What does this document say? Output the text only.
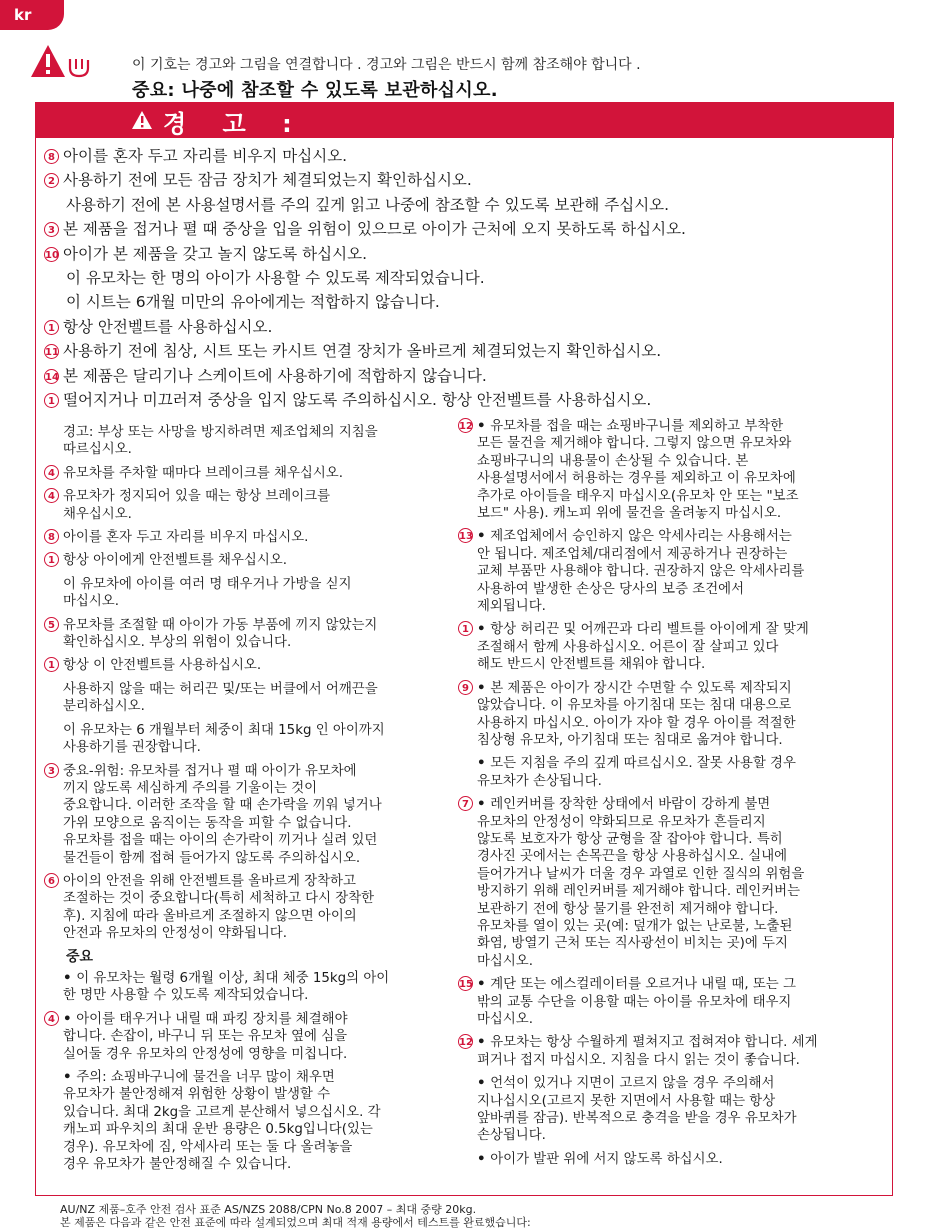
kr
이 기호는 경고와 그림을 연결합니다 . 경고와 그림은 반드시 함께 참조해야 합니다 .
중요: 나중에 참조할 수 있도록 보관하십시오.
경 고 :
8 아이를 혼자 두고 자리를 비우지 마십시오.
2 사용하기 전에 모든 잠금 장치가 체결되었는지 확인하십시오.
사용하기 전에 본 사용설명서를 주의 깊게 읽고 나중에 참조할 수 있도록 보관해 주십시오.
3 본 제품을 접거나 펼 때 중상을 입을 위험이 있으므로 아이가 근처에 오지 못하도록 하십시오.
10 아이가 본 제품을 갖고 놀지 않도록 하십시오.
이 유모차는 한 명의 아이가 사용할 수 있도록 제작되었습니다.
이 시트는 6개월 미만의 유아에게는 적합하지 않습니다.
1 항상 안전벨트를 사용하십시오.
11 사용하기 전에 침상, 시트 또는 카시트 연결 장치가 올바르게 체결되었는지 확인하십시오.
14 본 제품은 달리기나 스케이트에 사용하기에 적합하지 않습니다.
1 떨어지거나 미끄러져 중상을 입지 않도록 주의하십시오. 항상 안전벨트를 사용하십시오.
경고: 부상 또는 사망을 방지하려면 제조업체의 지침을
따르십시오.
4 유모차를 주차할 때마다 브레이크를 채우십시오.
4 유모차가 정지되어 있을 때는 항상 브레이크를
채우십시오.
8 아이를 혼자 두고 자리를 비우지 마십시오.
1 항상 아이에게 안전벨트를 채우십시오.
이 유모차에 아이를 여러 명 태우거나 가방을 싣지
마십시오.
5 유모차를 조절할 때 아이가 가동 부품에 끼지 않았는지
확인하십시오. 부상의 위험이 있습니다.
1 항상 이 안전벨트를 사용하십시오.
사용하지 않을 때는 허리끈 및/또는 버클에서 어깨끈을
분리하십시오.
이 유모차는 6 개월부터 체중이 최대 15kg 인 아이까지
사용하기를 권장합니다.
3 중요-위험: 유모차를 접거나 펼 때 아이가 유모차에
끼지 않도록 세심하게 주의를 기울이는 것이
중요합니다. 이러한 조작을 할 때 손가락을 끼워 넣거나
가위 모양으로 움직이는 동작을 피할 수 없습니다.
유모차를 접을 때는 아이의 손가락이 끼거나 실려 있던
물건들이 함께 접혀 들어가지 않도록 주의하십시오.
6 아이의 안전을 위해 안전벨트를 올바르게 장착하고
조절하는 것이 중요합니다(특히 세척하고 다시 장착한
후). 지침에 따라 올바르게 조절하지 않으면 아이의
안전과 유모차의 안정성이 약화됩니다.
중요
• 이 유모차는 월령 6개월 이상, 최대 체중 15kg의 아이
한 명만 사용할 수 있도록 제작되었습니다.
4 • 아이를 태우거나 내릴 때 파킹 장치를 체결해야
합니다. 손잡이, 바구니 뒤 또는 유모차 옆에 심을
실어둘 경우 유모차의 안정성에 영향을 미칩니다.
• 주의: 쇼핑바구니에 물건을 너무 많이 채우면
유모차가 불안정해져 위험한 상황이 발생할 수
있습니다. 최대 2kg을 고르게 분산해서 넣으십시오. 각
캐노피 파우치의 최대 운반 용량은 0.5kg입니다(있는
경우). 유모차에 짐, 악세사리 또는 둘 다 올려놓을
경우 유모차가 불안정해질 수 있습니다.
12 • 유모차를 접을 때는 쇼핑바구니를 제외하고 부착한
모든 물건을 제거해야 합니다. 그렇지 않으면 유모차와
쇼핑바구니의 내용물이 손상될 수 있습니다. 본
사용설명서에서 허용하는 경우를 제외하고 이 유모차에
추가로 아이들을 태우지 마십시오(유모차 안 또는 "보조
보드" 사용). 캐노피 위에 물건을 올려놓지 마십시오.
13 • 제조업체에서 승인하지 않은 악세사리는 사용해서는
안 됩니다. 제조업체/대리점에서 제공하거나 권장하는
교체 부품만 사용해야 합니다. 권장하지 않은 악세사리를
사용하여 발생한 손상은 당사의 보증 조건에서
제외됩니다.
1 • 항상 허리끈 및 어깨끈과 다리 벨트를 아이에게 잘 맞게
조절해서 함께 사용하십시오. 어른이 잘 살피고 있다
해도 반드시 안전벨트를 채워야 합니다.
9 • 본 제품은 아이가 장시간 수면할 수 있도록 제작되지
않았습니다. 이 유모차를 아기침대 또는 침대 대용으로
사용하지 마십시오. 아이가 자야 할 경우 아이를 적절한
침상형 유모차, 아기침대 또는 침대로 옮겨야 합니다.
• 모든 지침을 주의 깊게 따르십시오. 잘못 사용할 경우
유모차가 손상됩니다.
7 • 레인커버를 장착한 상태에서 바람이 강하게 불면
유모차의 안정성이 약화되므로 유모차가 흔들리지
않도록 보호자가 항상 균형을 잘 잡아야 합니다. 특히
경사진 곳에서는 손목끈을 항상 사용하십시오. 실내에
들어가거나 날씨가 더울 경우 과열로 인한 질식의 위험을
방지하기 위해 레인커버를 제거해야 합니다. 레인커버는
보관하기 전에 항상 물기를 완전히 제거해야 합니다.
유모차를 열이 있는 곳(예: 덮개가 없는 난로불, 노출된
화염, 방열기 근처 또는 직사광선이 비치는 곳)에 두지
마십시오.
15 • 계단 또는 에스컬레이터를 오르거나 내릴 때, 또는 그
밖의 교통 수단을 이용할 때는 아이를 유모차에 태우지
마십시오.
12 • 유모차는 항상 수월하게 펼쳐지고 접혀져야 합니다. 세게
펴거나 접지 마십시오. 지침을 다시 읽는 것이 좋습니다.
• 언석이 있거나 지면이 고르지 않을 경우 주의해서
지나십시오(고르지 못한 지면에서 사용할 때는 항상
앞바퀴를 잠금). 반복적으로 충격을 받을 경우 유모차가
손상됩니다.
• 아이가 발판 위에 서지 않도록 하십시오.
AU/NZ 제품–호주 안전 검사 표준 AS/NZS 2088/CPN No.8 2007 – 최대 중량 20kg.
본 제품은 다음과 같은 안전 표준에 따라 설계되었으며 최대 적재 용량에서 테스트를 완료했습니다:
